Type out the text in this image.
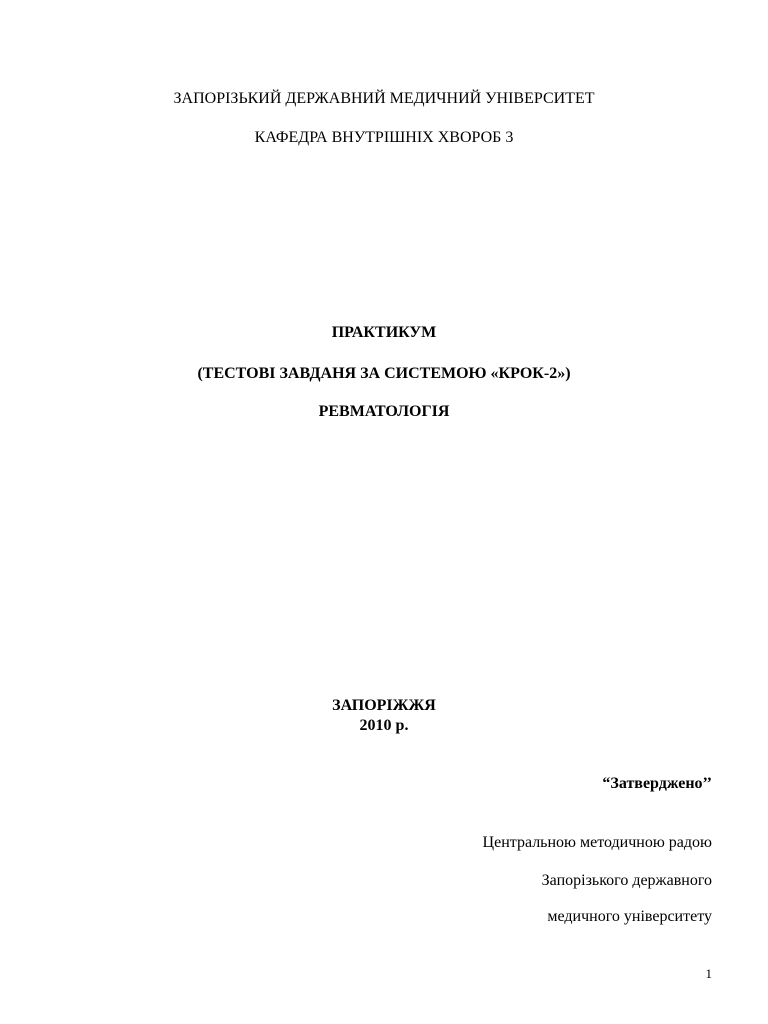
ЗАПОРІЗЬКИЙ ДЕРЖАВНИЙ МЕДИЧНИЙ УНІВЕРСИТЕТ
КАФЕДРА ВНУТРІШНІХ ХВОРОБ 3
ПРАКТИКУМ
(ТЕСТОВІ ЗАВДАНЯ ЗА СИСТЕМОЮ «КРОК-2»)
РЕВМАТОЛОГІЯ
ЗАПОРІЖЖЯ
2010 р.
“Затверджено’’
Центральною методичною радою
Запорізького державного
медичного університету
1
